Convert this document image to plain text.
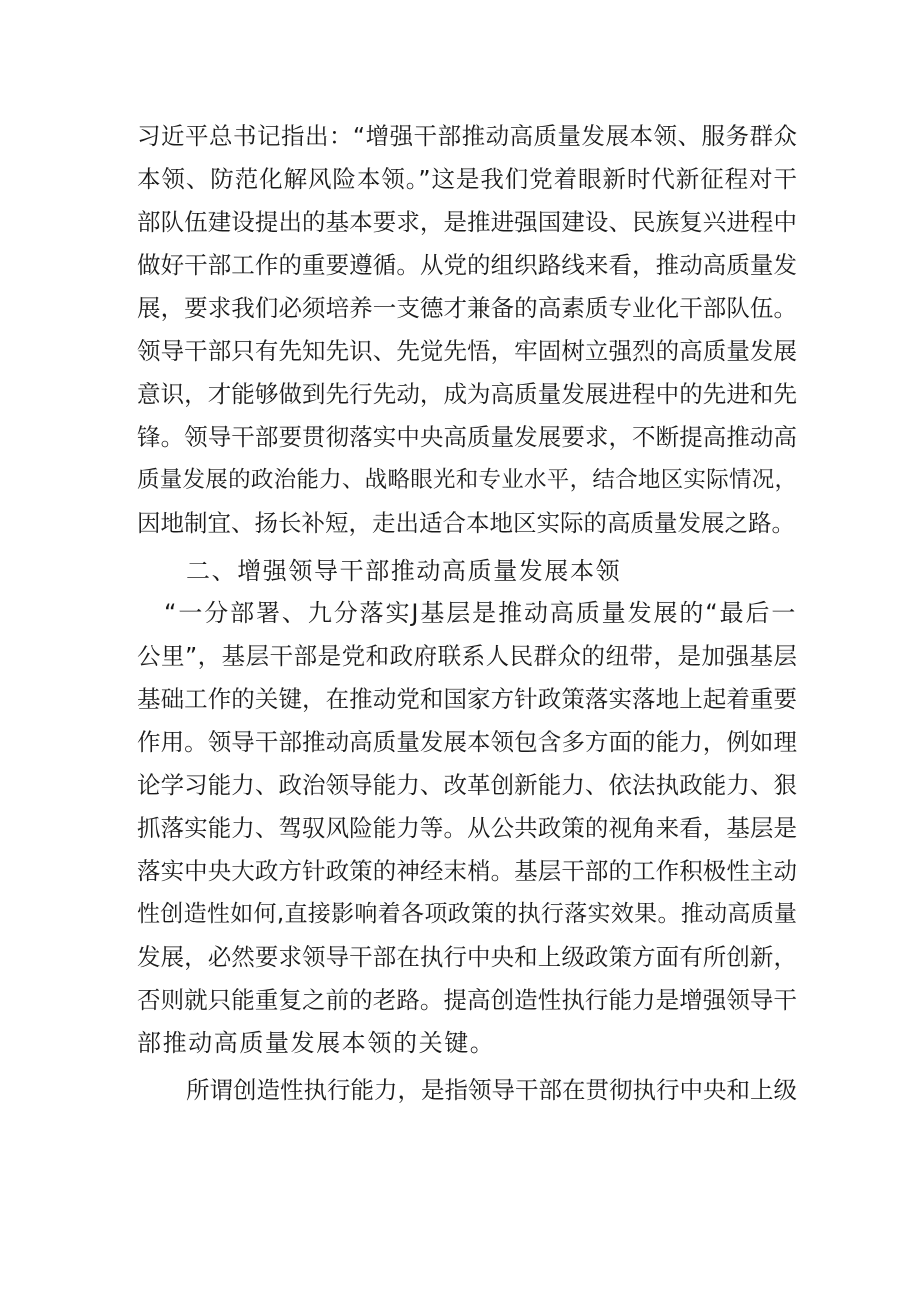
习近平总书记指出：“增强干部推动高质量发展本领、服务群众
本领、防范化解风险本领。”这是我们党着眼新时代新征程对干
部队伍建设提出的基本要求，是推进强国建设、民族复兴进程中
做好干部工作的重要遵循。从党的组织路线来看，推动高质量发
展，要求我们必须培养一支德才兼备的高素质专业化干部队伍。
领导干部只有先知先识、先觉先悟，牢固树立强烈的高质量发展
意识，才能够做到先行先动，成为高质量发展进程中的先进和先
锋。领导干部要贯彻落实中央高质量发展要求，不断提高推动高
质量发展的政治能力、战略眼光和专业水平，结合地区实际情况，
因地制宜、扬长补短，走出适合本地区实际的高质量发展之路。
二、增强领导干部推动高质量发展本领
“一分部署、九分落实J基层是推动高质量发展的“最后一
公里”，基层干部是党和政府联系人民群众的纽带，是加强基层
基础工作的关键，在推动党和国家方针政策落实落地上起着重要
作用。领导干部推动高质量发展本领包含多方面的能力，例如理
论学习能力、政治领导能力、改革创新能力、依法执政能力、狠
抓落实能力、驾驭风险能力等。从公共政策的视角来看，基层是
落实中央大政方针政策的神经末梢。基层干部的工作积极性主动
性创造性如何,直接影响着各项政策的执行落实效果。推动高质量
发展，必然要求领导干部在执行中央和上级政策方面有所创新，
否则就只能重复之前的老路。提高创造性执行能力是增强领导干
部推动高质量发展本领的关键。
所谓创造性执行能力，是指领导干部在贯彻执行中央和上级
